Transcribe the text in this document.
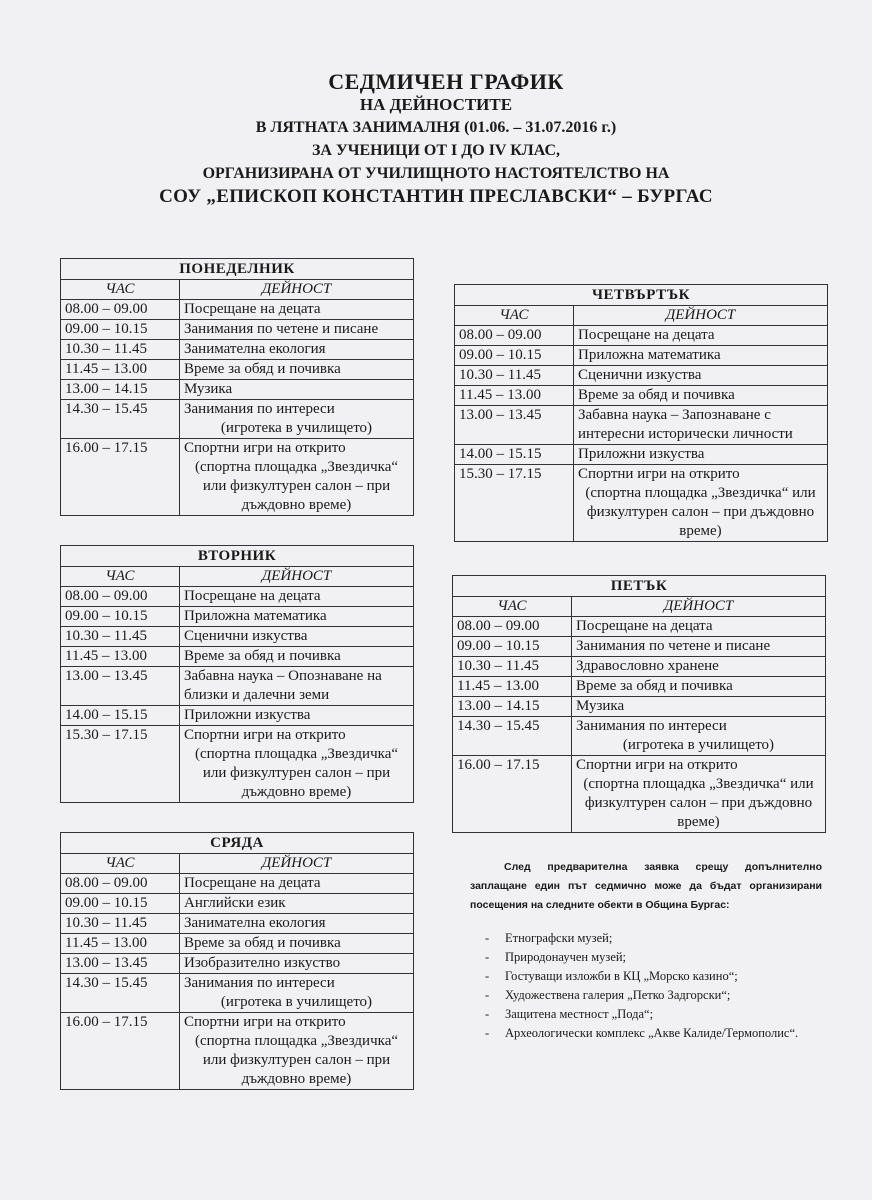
СЕДМИЧЕН ГРАФИК
НА ДЕЙНОСТИТЕ
В ЛЯТНАТА ЗАНИМАЛНЯ (01.06. – 31.07.2016 г.)
ЗА УЧЕНИЦИ ОТ I ДО IV КЛАС,
ОРГАНИЗИРАНА ОТ УЧИЛИЩНОТО НАСТОЯТЕЛСТВО НА
СОУ „ЕПИСКОП КОНСТАНТИН ПРЕСЛАВСКИ“ – БУРГАС
ПОНЕДЕЛНИК	
ЧАС	ДЕЙНОСТ
08.00 – 09.00	Посрещане на децата

09.00 – 10.15	Занимания по четене и писане

10.30 – 11.45	Занимателна екология

11.45 – 13.00	Време за обяд и почивка

13.00 – 14.15	Музика

14.30 – 15.45	Занимания по интереси
(игротека в училището)

16.00 – 17.15	Спортни игри на открито
(спортна площадка „Звездичка“ или физкултурен салон – при дъждовно време)
ВТОРНИК	
ЧАС	ДЕЙНОСТ
08.00 – 09.00	Посрещане на децата

09.00 – 10.15	Приложна математика

10.30 – 11.45	Сценични изкуства

11.45 – 13.00	Време за обяд и почивка

13.00 – 13.45	Забавна наука – Опознаване на близки и далечни земи

14.00 – 15.15	Приложни изкуства

15.30 – 17.15	Спортни игри на открито
(спортна площадка „Звездичка“ или физкултурен салон – при дъждовно време)
СРЯДА	
ЧАС	ДЕЙНОСТ
08.00 – 09.00	Посрещане на децата

09.00 – 10.15	Английски език

10.30 – 11.45	Занимателна екология

11.45 – 13.00	Време за обяд и почивка

13.00 – 13.45	Изобразително изкуство

14.30 – 15.45	Занимания по интереси
(игротека в училището)

16.00 – 17.15	Спортни игри на открито
(спортна площадка „Звездичка“ или физкултурен салон – при дъждовно време)
ЧЕТВЪРТЪК	
ЧАС	ДЕЙНОСТ
08.00 – 09.00	Посрещане на децата

09.00 – 10.15	Приложна математика

10.30 – 11.45	Сценични изкуства

11.45 – 13.00	Време за обяд и почивка

13.00 – 13.45	Забавна наука – Запознаване с интересни исторически личности

14.00 – 15.15	Приложни изкуства

15.30 – 17.15	Спортни игри на открито
(спортна площадка „Звездичка“ или физкултурен салон – при дъждовно време)
ПЕТЪК	
ЧАС	ДЕЙНОСТ
08.00 – 09.00	Посрещане на децата

09.00 – 10.15	Занимания по четене и писане

10.30 – 11.45	Здравословно хранене

11.45 – 13.00	Време за обяд и почивка

13.00 – 14.15	Музика

14.30 – 15.45	Занимания по интереси
(игротека в училището)

16.00 – 17.15	Спортни игри на открито
(спортна площадка „Звездичка“ или физкултурен салон – при дъждовно време)

След предварителна заявка срещу допълнително заплащане един път седмично може да бъдат организирани посещения на следните обекти в Община Бургас:

- Етнографски музей;
- Природонаучен музей;
- Гостуващи изложби в КЦ „Морско казино“;
- Художествена галерия „Петко Задгорски“;
- Защитена местност „Пода“;
- Археологически комплекс „Акве Калиде/Термополис“.
